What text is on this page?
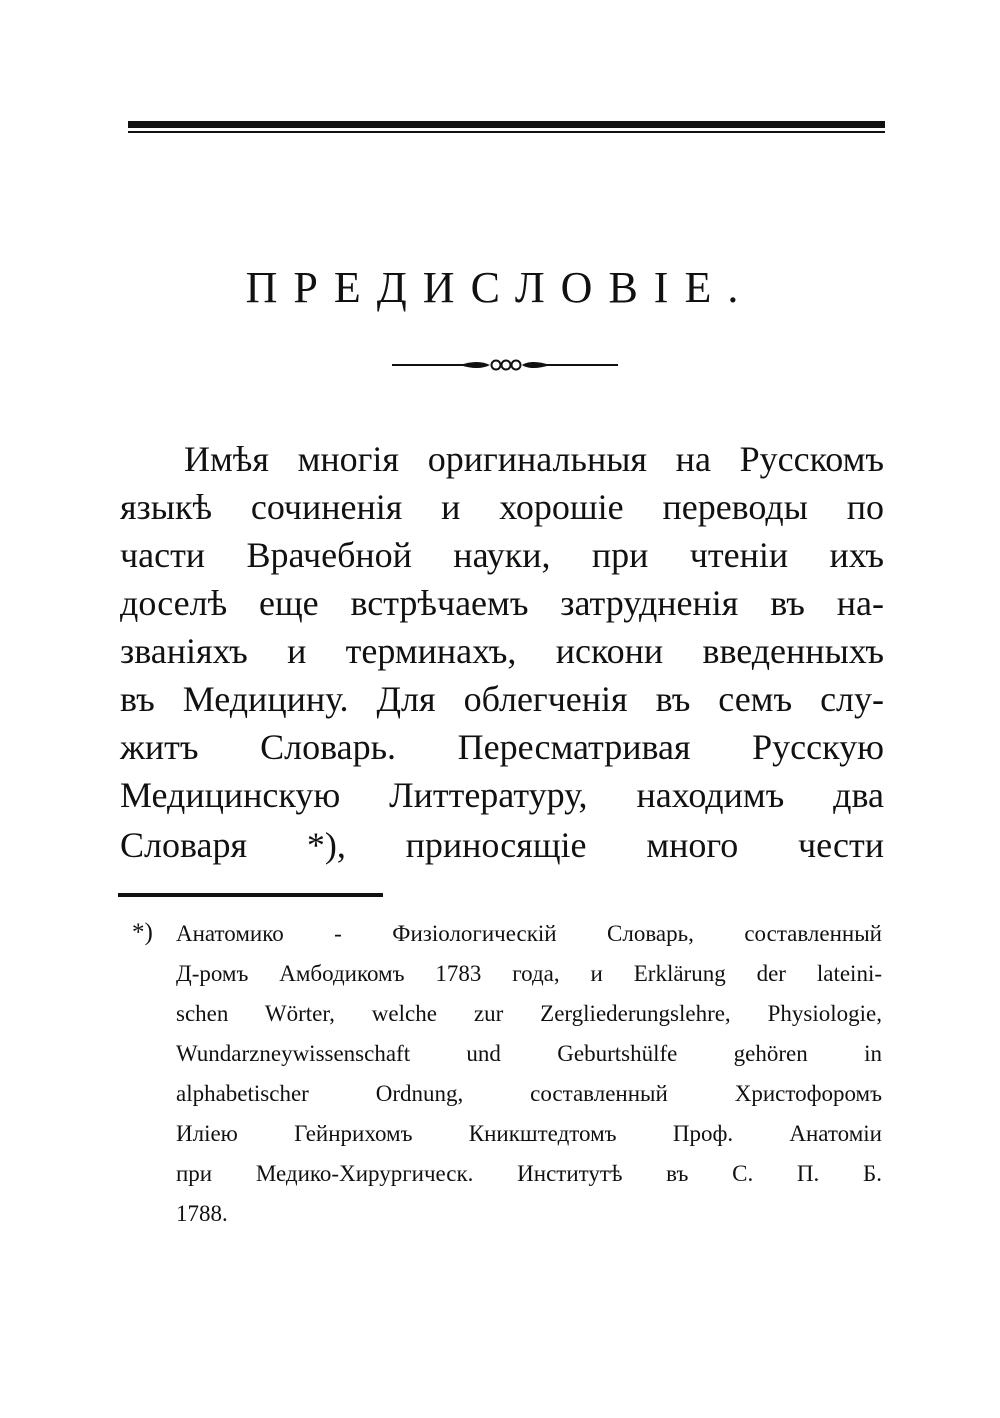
ПРЕДИСЛОВІЕ.

Имѣя многія оригинальныя на Русскомъ

языкѣ сочиненія и хорошіе переводы по

части Врачебной науки, при чтеніи ихъ

доселѣ еще встрѣчаемъ затрудненія въ на-

званіяхъ и терминахъ, искони введенныхъ

въ Медицину. Для облегченія въ семъ слу-

житъ Словарь. Пересматривая Русскую

Медицинскую Литтературу, находимъ два

Словаря *), приносящіе много чести

*) Анатомико - Физіологическій Словарь, составленный

Д-ромъ Амбодикомъ 1783 года, и Erklärung der lateini-

schen Wörter, welche zur Zergliederungslehre, Physiologie,

Wundarzneywissenschaft und Geburtshülfe gehören in

alphabetischer Ordnung, составленный Христофоромъ

Иліею Гейнрихомъ Кникштедтомъ Проф. Анатоміи

при Медико-Хирургическ. Институтѣ въ С. П. Б.

1788.
